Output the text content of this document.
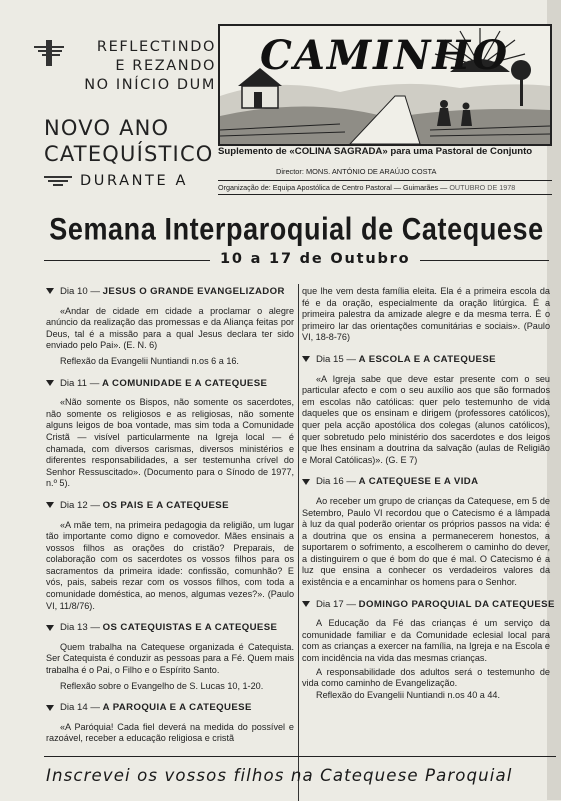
REFLECTINDO
E REZANDO
NO INÍCIO DUM
NOVO ANO
CATEQUÍSTICO
DURANTE A
CAMINHO
Suplemento de «COLINA SAGRADA» para uma Pastoral de Conjunto
Director: MONS. ANTÓNIO DE ARAÚJO COSTA
Organização de: Equipa Apostólica de Centro Pastoral — Guimarães — OUTUBRO DE 1978
Semana Interparoquial de Catequese
10 a 17 de Outubro
Dia 10 — JESUS O GRANDE EVANGELIZADOR

«Andar de cidade em cidade a proclamar o alegre anúncio da realização das promessas e da Aliança feitas por Deus, tal é a missão para a qual Jesus declara ter sido enviado pelo Pai». (E. N. 6)

Reflexão da Evangelii Nuntiandi n.os 6 a 16.

Dia 11 — A COMUNIDADE E A CATEQUESE

«Não somente os Bispos, não somente os sacerdotes, não somente os religiosos e as religiosas, não somente alguns leigos de boa vontade, mas sim toda a Comunidade Cristã — visível particularmente na Igreja local — é chamada, com diversos carismas, diversos ministérios e diferentes responsabilidades, a ser testemunha crível do Senhor Ressuscitado». (Documento para o Sínodo de 1977, n.º 5).

Dia 12 — OS PAIS E A CATEQUESE

«A mãe tem, na primeira pedagogia da religião, um lugar tão importante como digno e comovedor. Mães ensinais a vossos filhos as orações do cristão? Preparais, de colaboração com os sacerdotes os vossos filhos para os sacramentos da primeira idade: confissão, comunhão? E vós, pais, sabeis rezar com os vossos filhos, com toda a comunidade doméstica, ao menos, algumas vezes?». (Paulo VI, 11/8/76).

Dia 13 — OS CATEQUISTAS E A CATEQUESE

Quem trabalha na Catequese organizada é Catequista. Ser Catequista é conduzir as pessoas para a Fé. Quem mais trabalha é o Pai, o Filho e o Espírito Santo.

Reflexão sobre o Evangelho de S. Lucas 10, 1-20.

Dia 14 — A PAROQUIA E A CATEQUESE

«A Paróquia! Cada fiel deverá na medida do possível e razoável, receber a educação religiosa e cristã

que lhe vem desta família eleita. Ela é a primeira escola da fé e da oração, especialmente da oração litúrgica. É a primeira palestra da amizade alegre e da mesma terra. É o primeiro lar das orientações comunitárias e sociais». (Paulo VI, 18-8-76)

Dia 15 — A ESCOLA E A CATEQUESE

«A Igreja sabe que deve estar presente com o seu particular afecto e com o seu auxílio aos que são formados em escolas não católicas: quer pelo testemunho de vida daqueles que os ensinam e dirigem (professores católicos), quer pela acção apostólica dos colegas (alunos católicos), quer sobretudo pelo ministério dos sacerdotes e dos leigos que lhes ensinam a doutrina da salvação (aulas de Religião e Moral Católicas)». (G. E 7)

Dia 16 — A CATEQUESE E A VIDA

Ao receber um grupo de crianças da Catequese, em 5 de Setembro, Paulo VI recordou que o Catecismo é a lâmpada à luz da qual poderão orientar os próprios passos na vida: é a doutrina que os ensina a permanecerem honestos, a suportarem o sofrimento, a escolherem o caminho do dever, a distinguirem o que é bom do que é mal. O Catecismo é a luz que ensina a conhecer os verdadeiros valores da existência e a encaminhar os homens para o Senhor.

Dia 17 — DOMINGO PAROQUIAL DA CATEQUESE

A Educação da Fé das crianças é um serviço da comunidade familiar e da Comunidade eclesial local para com as crianças a exercer na família, na Igreja e na Escola e com incidência na vida das mesmas crianças.

A responsabilidade dos adultos será o testemunho de vida como caminho de Evangelização.

Reflexão do Evangelii Nuntiandi n.os 40 a 44.

Inscrevei os vossos filhos na Catequese Paroquial
